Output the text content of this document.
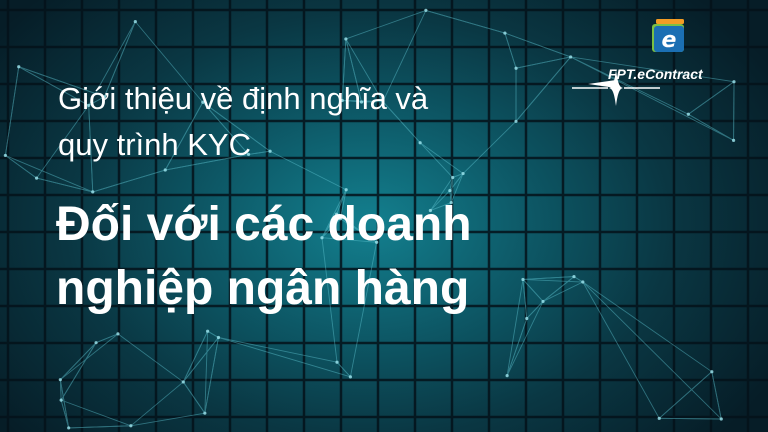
Giới thiệu về định nghĩa và
quy trình KYC
Đối với các doanh
nghiệp ngân hàng
e
FPT.eContract
